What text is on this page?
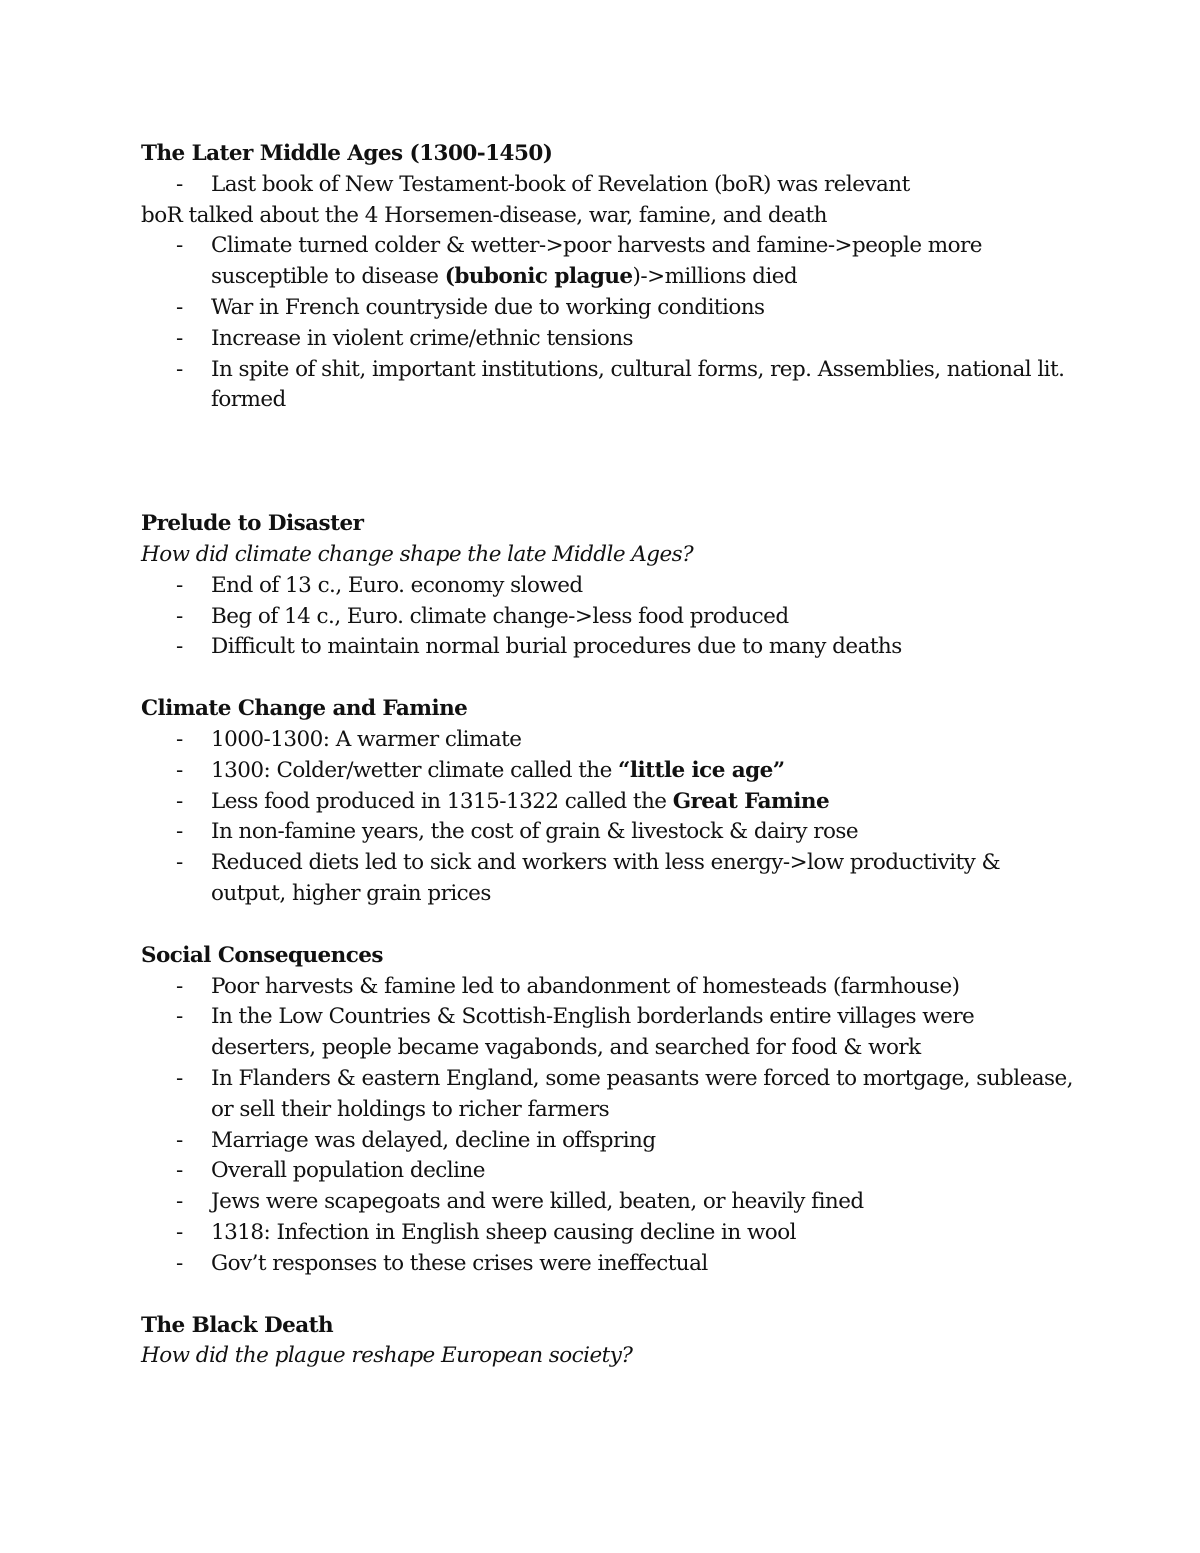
The Later Middle Ages (1300-1450)

- Last book of New Testament-book of Revelation (boR) was relevant

boR talked about the 4 Horsemen-disease, war, famine, and death

- Climate turned colder & wetter->poor harvests and famine->people more susceptible to disease (bubonic plague)->millions died
- War in French countryside due to working conditions
- Increase in violent crime/ethnic tensions
- In spite of shit, important institutions, cultural forms, rep. Assemblies, national lit. formed

Prelude to Disaster

How did climate change shape the late Middle Ages?

- End of 13 c., Euro. economy slowed
- Beg of 14 c., Euro. climate change->less food produced
- Difficult to maintain normal burial procedures due to many deaths

Climate Change and Famine

- 1000-1300: A warmer climate
- 1300: Colder/wetter climate called the “little ice age”
- Less food produced in 1315-1322 called the Great Famine
- In non-famine years, the cost of grain & livestock & dairy rose
- Reduced diets led to sick and workers with less energy->low productivity & output, higher grain prices

Social Consequences

- Poor harvests & famine led to abandonment of homesteads (farmhouse)
- In the Low Countries & Scottish-English borderlands entire villages were deserters, people became vagabonds, and searched for food & work
- In Flanders & eastern England, some peasants were forced to mortgage, sublease, or sell their holdings to richer farmers
- Marriage was delayed, decline in offspring
- Overall population decline
- Jews were scapegoats and were killed, beaten, or heavily fined
- 1318: Infection in English sheep causing decline in wool
- Gov’t responses to these crises were ineffectual

The Black Death

How did the plague reshape European society?
